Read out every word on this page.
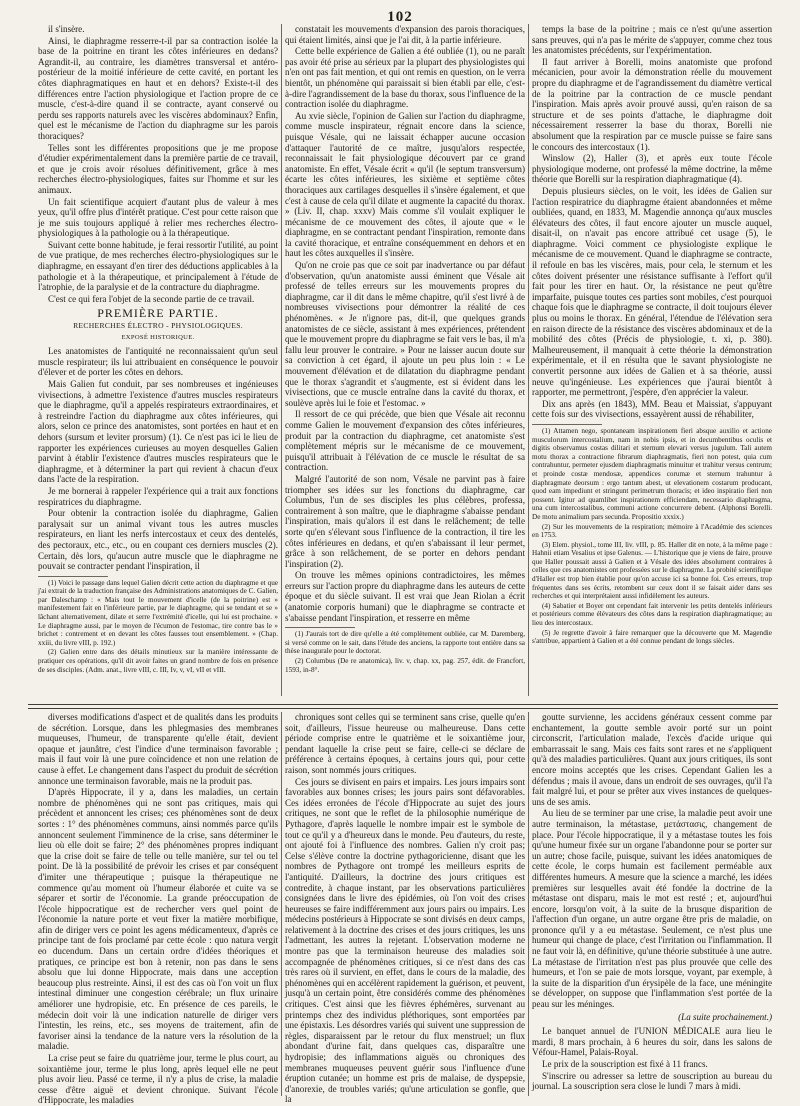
102

il s'insère.

Ainsi, le diaphragme resserre-t-il par sa contraction isolée la base de la poitrine en tirant les côtes inférieures en dedans? Agrandit-il, au contraire, les diamètres transversal et antéro-postérieur de la moitié inférieure de cette cavité, en portant les côtes diaphragmatiques en haut et en dehors? Existe-t-il des différences entre l'action physiologique et l'action propre de ce muscle, c'est-à-dire quand il se contracte, ayant conservé ou perdu ses rapports naturels avec les viscères abdominaux? Enfin, quel est le mécanisme de l'action du diaphragme sur les parois thoraciques?

Telles sont les différentes propositions que je me propose d'étudier expérimentalement dans la première partie de ce travail, et que je crois avoir résolues définitivement, grâce à mes recherches électro-physiologiques, faites sur l'homme et sur les animaux.

Un fait scientifique acquiert d'autant plus de valeur à mes yeux, qu'il offre plus d'intérêt pratique. C'est pour cette raison que je me suis toujours appliqué à relier mes recherches électro-physiologiques à la pathologie ou à la thérapeutique.

Suivant cette bonne habitude, je ferai ressortir l'utilité, au point de vue pratique, de mes recherches électro-physiologiques sur le diaphragme, en essayant d'en tirer des déductions applicables à la pathologie et à la thérapeutique, et principalement à l'étude de l'atrophie, de la paralysie et de la contracture du diaphragme.

C'est ce qui fera l'objet de la seconde partie de ce travail.

PREMIÈRE PARTIE.

RECHERCHES ÉLECTRO - PHYSIOLOGIQUES.

EXPOSÉ HISTORIQUE.

Les anatomistes de l'antiquité ne reconnaissaient qu'un seul muscle respirateur; ils lui attribuaient en conséquence le pouvoir d'élever et de porter les côtes en dehors.

Mais Galien fut conduit, par ses nombreuses et ingénieuses vivisections, à admettre l'existence d'autres muscles respirateurs que le diaphragme, qu'il a appelés respirateurs extraordinaires, et à restreindre l'action du diaphragme aux côtes inférieures, qui alors, selon ce prince des anatomistes, sont portées en haut et en dehors (sursum et leviter prorsum) (1). Ce n'est pas ici le lieu de rapporter les expériences curieuses au moyen desquelles Galien parvint à établir l'existence d'autres muscles respirateurs que le diaphragme, et à déterminer la part qui revient à chacun d'eux dans l'acte de la respiration.

Je me bornerai à rappeler l'expérience qui a trait aux fonctions respiratrices du diaphragme.

Pour obtenir la contraction isolée du diaphragme, Galien paralysait sur un animal vivant tous les autres muscles respirateurs, en liant les nerfs intercostaux et ceux des dentelés, des pectoraux, etc., etc., ou en coupant ces derniers muscles (2). Certain, dès lors, qu'aucun autre muscle que le diaphragme ne pouvait se contracter pendant l'inspiration, il

(1) Voici le passage dans lequel Galien décrit cette action du diaphragme et que j'ai extrait de la traduction française des Administrations anatomiques de C. Galien, par Daleschamp : « Mais tout le mouvement d'icelle (de la poitrine) est » manifestement fait en l'inférieure partie, par le diaphragme, qui se tendant et se » lâchant alternativement, dilate et serre l'extrémité d'icelle, qui lui est prochaine. » Le diaphragme aussi, par le moyen de l'écumon de l'estomac, tire contre bas le » brichet : contrement et en devant les côtes fausses tout ensemblement. » (Chap. xxiii, du livre vIII, p. 192.)

(2) Galien entre dans des détails minutieux sur la manière intéressante de pratiquer ces opérations, qu'il dit avoir faites un grand nombre de fois en présence de ses disciples. (Adm. anat., livre vIII, c. III, Iv, v, vI, vII et vIII.

constatait les mouvements d'expansion des parois thoraciques, qui étaient limités, ainsi que je l'ai dit, à la partie inférieure.

Cette belle expérience de Galien a été oubliée (1), ou ne paraît pas avoir été prise au sérieux par la plupart des physiologistes qui n'en ont pas fait mention, et qui ont remis en question, on le verra bientôt, un phénomène qui paraissait si bien établi par elle, c'est-à-dire l'agrandissement de la base du thorax, sous l'influence de la contraction isolée du diaphragme.

Au xvie siècle, l'opinion de Galien sur l'action du diaphragme, comme muscle inspirateur, régnait encore dans la science, puisque Vésale, qui ne laissait échapper aucune occasion d'attaquer l'autorité de ce maître, jusqu'alors respectée, reconnaissait le fait physiologique découvert par ce grand anatomiste. En effet, Vésale écrit « qu'il (le septum transversum) écarte les côtes inférieures, les sixième et septième côtes thoraciques aux cartilages desquelles il s'insère également, et que c'est à cause de cela qu'il dilate et augmente la capacité du thorax. » (Liv. II, chap. xxxv) Mais comme s'il voulait expliquer le mécanisme de ce mouvement des côtes, il ajoute que « le diaphragme, en se contractant pendant l'inspiration, remonte dans la cavité thoracique, et entraîne conséquemment en dehors et en haut les côtes auxquelles il s'insère.

Qu'on ne croie pas que ce soit par inadvertance ou par défaut d'observation, qu'un anatomiste aussi éminent que Vésale ait professé de telles erreurs sur les mouvements propres du diaphragme, car il dit dans le même chapitre, qu'il s'est livré à de nombreuses vivisections pour démontrer la réalité de ces phénomènes. « Je n'ignore pas, dit-il, que quelques grands anatomistes de ce siècle, assistant à mes expériences, prétendent que le mouvement propre du diaphragme se fait vers le bas, il m'a fallu leur prouver le contraire. » Pour ne laisser aucun doute sur sa conviction à cet égard, il ajoute un peu plus loin : « Le mouvement d'élévation et de dilatation du diaphragme pendant que le thorax s'agrandit et s'augmente, est si évident dans les vivisections, que ce muscle entraîne dans la cavité du thorax, et soulève après lui le foie et l'estomac. »

Il ressort de ce qui précède, que bien que Vésale ait reconnu comme Galien le mouvement d'expansion des côtes inférieures, produit par la contraction du diaphragme, cet anatomiste s'est complètement mépris sur le mécanisme de ce mouvement, puisqu'il attribuait à l'élévation de ce muscle le résultat de sa contraction.

Malgré l'autorité de son nom, Vésale ne parvint pas à faire triompher ses idées sur les fonctions du diaphragme, car Columbus, l'un de ses disciples les plus célèbres, professa, contrairement à son maître, que le diaphragme s'abaisse pendant l'inspiration, mais qu'alors il est dans le relâchement; de telle sorte qu'en s'élevant sous l'influence de la contraction, il tire les côtes inférieures en dedans, et qu'en s'abaissant il leur permet, grâce à son relâchement, de se porter en dehors pendant l'inspiration (2).

On trouve les mêmes opinions contradictoires, les mêmes erreurs sur l'action propre du diaphragme dans les auteurs de cette époque et du siècle suivant. Il est vrai que Jean Riolan a écrit (anatomie corporis humani) que le diaphragme se contracte et s'abaisse pendant l'inspiration, et resserre en même

(1) J'aurais tort de dire qu'elle a été complètement oubliée, car M. Daremberg, si versé comme on le sait, dans l'étude des anciens, la rapporte tout entière dans sa thèse inaugurale pour le doctorat.

(2) Columbus (De re anatomica), liv. v, chap. xx, pag. 257, édit. de Francfort, 1593, in-8°.

temps la base de la poitrine ; mais ce n'est qu'une assertion sans preuves, qui n'a pas le mérite de s'appuyer, comme chez tous les anatomistes précédents, sur l'expérimentation.

Il faut arriver à Borelli, moins anatomiste que profond mécanicien, pour avoir la démonstration réelle du mouvement propre du diaphragme et de l'agrandissement du diamètre vertical de la poitrine par la contraction de ce muscle pendant l'inspiration. Mais après avoir prouvé aussi, qu'en raison de sa structure et de ses points d'attache, le diaphragme doit nécessairement resserrer la base du thorax, Borelli nie absolument que la respiration par ce muscle puisse se faire sans le concours des intercostaux (1).

Winslow (2), Haller (3), et après eux toute l'école physiologique moderne, ont professé la même doctrine, la même théorie que Borelli sur la respiration diaphragmatique (4).

Depuis plusieurs siècles, on le voit, les idées de Galien sur l'action respiratrice du diaphragme étaient abandonnées et même oubliées, quand, en 1833, M. Magendie annonça qu'aux muscles élévateurs des côtes, il faut encore ajouter un muscle auquel, disait-il, on n'avait pas encore attribué cet usage (5), le diaphragme. Voici comment ce physiologiste explique le mécanisme de ce mouvement. Quand le diaphragme se contracte, il refoule en bas les viscères, mais, pour cela, le sternum et les côtes doivent présenter une résistance suffisante à l'effort qu'il fait pour les tirer en haut. Or, la résistance ne peut qu'être imparfaite, puisque toutes ces parties sont mobiles, c'est pourquoi chaque fois que le diaphragme se contracte, il doit toujours élever plus ou moins le thorax. En général, l'étendue de l'élévation sera en raison directe de la résistance des viscères abdominaux et de la mobilité des côtes (Précis de physiologie, t. xi, p. 380). Malheureusement, il manquait à cette théorie la démonstration expérimentale, et il en résulta que le savant physiologiste ne convertit personne aux idées de Galien et à sa théorie, aussi neuve qu'ingénieuse. Les expériences que j'aurai bientôt à rapporter, me permettront, j'espère, d'en apprécier la valeur.

Dix ans après (en 1843), MM. Beau et Maissiat, s'appuyant cette fois sur des vivisections, essayèrent aussi de réhabiliter,

(1) Attamen nego, spontaneam inspirationem fieri absque auxilio et actione musculorum intercostalium, nam in nobis ipsis, et in decumbentibus oculis et digitis observamus costas dilitari et sternum elevari versus jugulum. Tali autem motu thorax a contractione fibrarum diaphragmatis, fieri non potest, quia cum contrahuntur, permeter ejusdem diaphragmatis minuitur et trahitur versus centrum; et proinde costæ mendosæ, appendices corumæ et sternum trahuntur à diaphragmate deorsum : ergo tantum abest, ut elevationem costarum producant, quod eam impediunt et stringunt perimetrum thoracis; et ideo inspiratio fieri non possent. Igitur ad quamlibet inspirationem efficiendam, necessario diaphragma, una cum intercostalibus, communi actione concurrere debent. (Alphonsi Borelli. De motu animalium pars secunda. Propositio xxxix.)

(2) Sur les mouvements de la respiration; mémoire à l'Académie des sciences en 1753.

(3) Elem. physiol., tome III, liv. vIII, p. 85. Haller dit en note, à la même page : Hahnii etiam Vesalius et ipse Galenus. — L'historique que je viens de faire, prouve que Haller poussait aussi à Galien et à Vésale des idées absolument contraires à celles que ces anatomistes ont professées sur le diaphragme. La probité scientifique d'Haller est trop bien établie pour qu'on accuse ici sa bonne foi. Ces erreurs, trop fréquentes dans ses écrits, retombent sur ceux dont il se faisait aider dans ses recherches et qui interprétaient aussi infidèlement les auteurs.

(4) Sabatier et Boyer ont cependant fait intervenir les petits dentelés inférieurs et postérieurs comme élévateurs des côtes dans la respiration diaphragmatique; au lieu des intercostaux.

(5) Je regrette d'avoir à faire remarquer que la découverte que M. Magendie s'attribue, appartient à Galien et a été connue pendant de longs siècles.

diverses modifications d'aspect et de qualités dans les produits de sécrétion. Lorsque, dans les phlegmasies des membranes muqueuses, l'humeur, de transparente qu'elle était, devient opaque et jaunâtre, c'est l'indice d'une terminaison favorable ; mais il faut voir là une pure coïncidence et non une relation de cause à effet. Le changement dans l'aspect du produit de sécrétion annonce une terminaison favorable, mais ne la produit pas.

D'après Hippocrate, il y a, dans les maladies, un certain nombre de phénomènes qui ne sont pas critiques, mais qui précèdent et annoncent les crises; ces phénomènes sont de deux sortes : 1° des phénomènes communs, ainsi nommés parce qu'ils annoncent seulement l'imminence de la crise, sans déterminer le lieu où elle doit se faire; 2° des phénomènes propres indiquant que la crise doit se faire de telle ou telle manière, sur tel ou tel point. De là la possibilité de prévoir les crises et par conséquent d'imiter une thérapeutique ; puisque la thérapeutique ne commence qu'au moment où l'humeur élaborée et cuite va se séparer et sortir de l'économie. La grande préoccupation de l'école hippocratique est de rechercher vers quel point de l'économie la nature porte et veut fixer la matière morbifique, afin de diriger vers ce point les agens médicamenteux, d'après ce principe tant de fois proclamé par cette école : quo natura vergit eo ducendum. Dans un certain ordre d'idées théoriques et pratiques, ce principe est bon à retenir, non pas dans le sens absolu que lui donne Hippocrate, mais dans une acception beaucoup plus restreinte. Ainsi, il est des cas où l'on voit un flux intestinal diminuer une congestion cérébrale; un flux urinaire améliorer une hydropisie, etc. En présence de ces pareils, le médecin doit voir là une indication naturelle de diriger vers l'intestin, les reins, etc., ses moyens de traitement, afin de favoriser ainsi la tendance de la nature vers la résolution de la maladie.

La crise peut se faire du quatrième jour, terme le plus court, au soixantième jour, terme le plus long, après lequel elle ne peut plus avoir lieu. Passé ce terme, il n'y a plus de crise, la maladie cesse d'être aiguë et devient chronique. Suivant l'école d'Hippocrate, les maladies

chroniques sont celles qui se terminent sans crise, quelle qu'en soit, d'ailleurs, l'issue heureuse ou malheureuse. Dans cette période comprise entre le quatrième et le soixantième jour, pendant laquelle la crise peut se faire, celle-ci se déclare de préférence à certains époques, à certains jours qui, pour cette raison, sont nommés jours critiques.

Ces jours se divisent en pairs et impairs. Les jours impairs sont favorables aux bonnes crises; les jours pairs sont défavorables. Ces idées erronées de l'école d'Hippocrate au sujet des jours critiques, ne sont que le reflet de la philosophie numérique de Pythagore, d'après laquelle le nombre impair est le symbole de tout ce qu'il y a d'heureux dans le monde. Peu d'auteurs, du reste, ont ajouté foi à l'influence des nombres. Galien n'y croit pas; Celse s'élève contre la doctrine pythagoricienne, disant que les nombres de Pythagore ont trompé les meilleurs esprits de l'antiquité. D'ailleurs, la doctrine des jours critiques est contredite, à chaque instant, par les observations particulières consignées dans le livre des épidémies, où l'on voit des crises heureuses se faire indifféremment aux jours pairs ou impairs. Les médecins postérieurs à Hippocrate se sont divisés en deux camps, relativement à la doctrine des crises et des jours critiques, les uns l'admettant, les autres la rejetant. L'observation moderne ne montre pas que la terminaison heureuse des maladies soit accompagnée de phénomènes critiques, si ce n'est dans des cas très rares où il survient, en effet, dans le cours de la maladie, des phénomènes qui en accélèrent rapidement la guérison, et peuvent, jusqu'à un certain point, être considérés comme des phénomènes critiques. C'est ainsi que les fièvres éphémères, survenant au printemps chez des individus pléthoriques, sont emportées par une épistaxis. Les désordres variés qui suivent une suppression de règles, disparaissent par le retour du flux menstruel; un flux abondant d'urine fait, dans quelques cas, disparaître une hydropisie; des inflammations aiguës ou chroniques des membranes muqueuses peuvent guérir sous l'influence d'une éruption cutanée; un homme est pris de malaise, de dyspepsie, d'anorexie, de troubles variés; qu'une articulation se gonfle, que la

goutte survienne, les accidens généraux cessent comme par enchantement, la goutte semble avoir porté sur un point circonscrit, l'articulation malade, l'excès d'acide urique qui embarrassait le sang. Mais ces faits sont rares et ne s'appliquent qu'à des maladies particulières. Quant aux jours critiques, ils sont encore moins acceptés que les crises. Cependant Galien les a défendus ; mais il avoue, dans un endroit de ses ouvrages, qu'il l'a fait malgré lui, et pour se prêter aux vives instances de quelques-uns de ses amis.

Au lieu de se terminer par une crise, la maladie peut avoir une autre terminaison, la métastase, μετάστασις, changement de place. Pour l'école hippocratique, il y a métastase toutes les fois qu'une humeur fixée sur un organe l'abandonne pour se porter sur un autre; chose facile, puisque, suivant les idées anatomiques de cette école, le corps humain est facilement perméable aux différentes humeurs. A mesure que la science a marché, les idées premières sur lesquelles avait été fondée la doctrine de la métastase ont disparu, mais le mot est resté ; et, aujourd'hui encore, lorsqu'on voit, à la suite de la brusque disparition de l'affection d'un organe, un autre organe être pris de maladie, on prononce qu'il y a eu métastase. Seulement, ce n'est plus une humeur qui change de place, c'est l'irritation ou l'inflammation. Il ne faut voir là, en définitive, qu'une théorie substituée à une autre. La métastase de l'irritation n'est pas plus prouvée que celle des humeurs, et l'on se paie de mots lorsque, voyant, par exemple, à la suite de la disparition d'un érysipèle de la face, une méningite se développer, on suppose que l'inflammation s'est portée de la peau sur les méninges.

(La suite prochainement.)

Le banquet annuel de l'UNION MÉDICALE aura lieu le mardi, 8 mars prochain, à 6 heures du soir, dans les salons de Véfour-Hamel, Palais-Royal.

Le prix de la souscription est fixé à 11 francs.

S'inscrire ou adresser sa lettre de souscription au bureau du journal. La souscription sera close le lundi 7 mars à midi.
